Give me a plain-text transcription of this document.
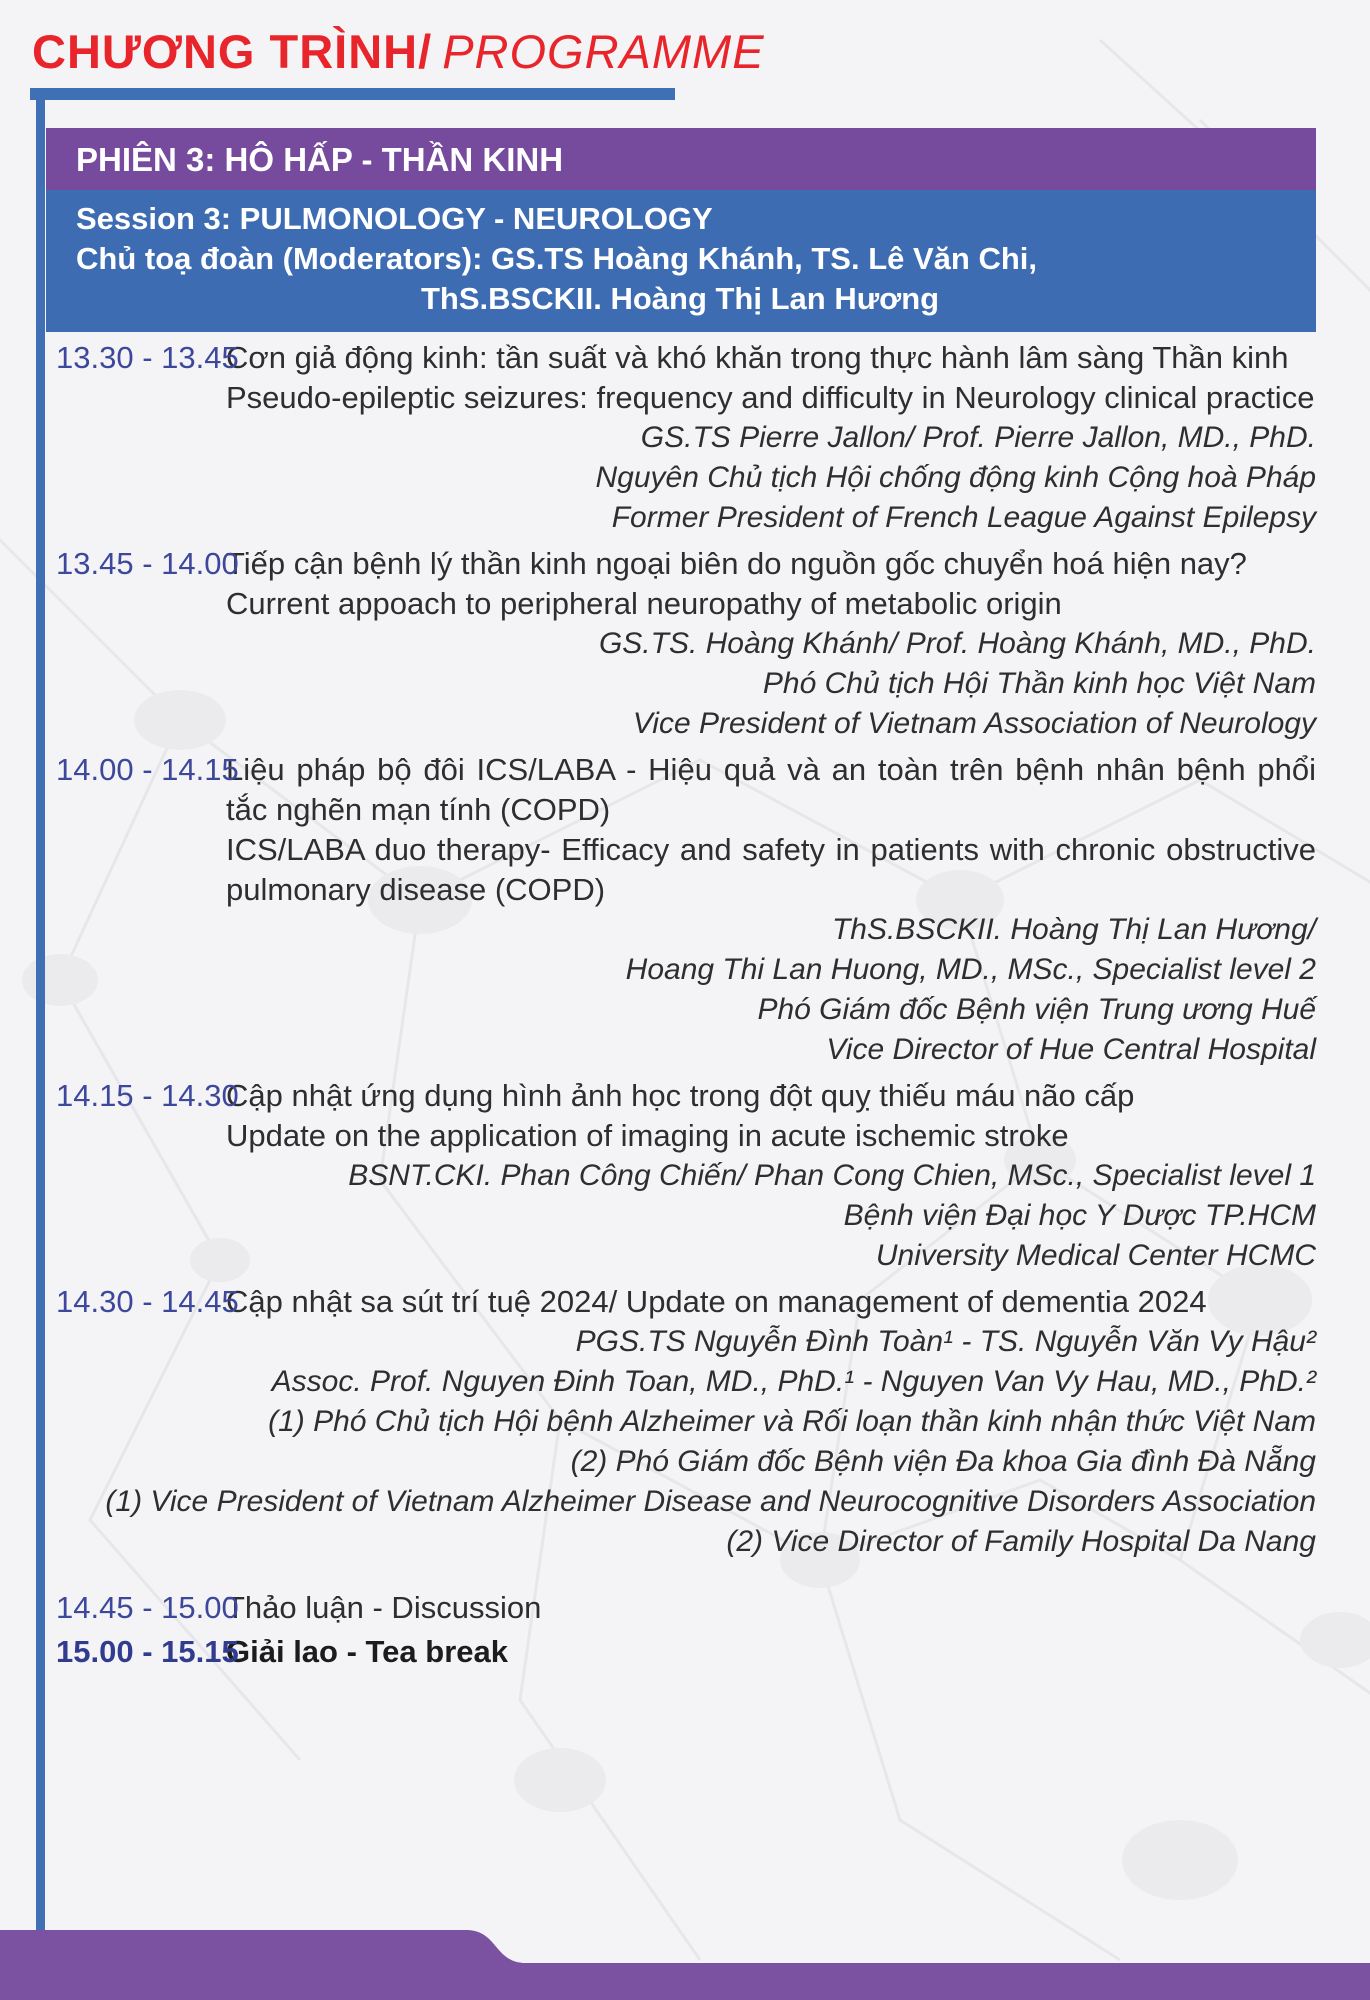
CHƯƠNG TRÌNH/ PROGRAMME
PHIÊN 3: HÔ HẤP - THẦN KINH
Session 3: PULMONOLOGY - NEUROLOGY
Chủ toạ đoàn (Moderators): GS.TS Hoàng Khánh, TS. Lê Văn Chi,
ThS.BSCKII. Hoàng Thị Lan Hương
13.30 - 13.45

Cơn giả động kinh: tần suất và khó khăn trong thực hành lâm sàng Thần kinh

Pseudo-epileptic seizures: frequency and difficulty in Neurology clinical practice

GS.TS Pierre Jallon/ Prof. Pierre Jallon, MD., PhD.
Nguyên Chủ tịch Hội chống động kinh Cộng hoà Pháp
Former President of French League Against Epilepsy
13.45 - 14.00

Tiếp cận bệnh lý thần kinh ngoại biên do nguồn gốc chuyển hoá hiện nay?

Current appoach to peripheral neuropathy of metabolic origin

GS.TS. Hoàng Khánh/ Prof. Hoàng Khánh, MD., PhD.
Phó Chủ tịch Hội Thần kinh học Việt Nam
Vice President of Vietnam Association of Neurology
14.00 - 14.15

Liệu pháp bộ đôi ICS/LABA - Hiệu quả và an toàn trên bệnh nhân bệnh phổi tắc nghẽn mạn tính (COPD)

ICS/LABA duo therapy- Efficacy and safety in patients with chronic obstructive pulmonary disease (COPD)

ThS.BSCKII. Hoàng Thị Lan Hương/
Hoang Thi Lan Huong, MD., MSc., Specialist level 2
Phó Giám đốc Bệnh viện Trung ương Huế
Vice Director of Hue Central Hospital
14.15 - 14.30

Cập nhật ứng dụng hình ảnh học trong đột quỵ thiếu máu não cấp

Update on the application of imaging in acute ischemic stroke

BSNT.CKI. Phan Công Chiến/ Phan Cong Chien, MSc., Specialist level 1
Bệnh viện Đại học Y Dược TP.HCM
University Medical Center HCMC
14.30 - 14.45

Cập nhật sa sút trí tuệ 2024/ Update on management of dementia 2024

PGS.TS Nguyễn Đình Toàn¹ - TS. Nguyễn Văn Vy Hậu²
Assoc. Prof. Nguyen Đinh Toan, MD., PhD.¹ - Nguyen Van Vy Hau, MD., PhD.²
(1) Phó Chủ tịch Hội bệnh Alzheimer và Rối loạn thần kinh nhận thức Việt Nam
(2) Phó Giám đốc Bệnh viện Đa khoa Gia đình Đà Nẵng
(1) Vice President of Vietnam Alzheimer Disease and Neurocognitive Disorders Association
(2) Vice Director of Family Hospital Da Nang
14.45 - 15.00
Thảo luận - Discussion
15.00 - 15.15
Giải lao - Tea break
